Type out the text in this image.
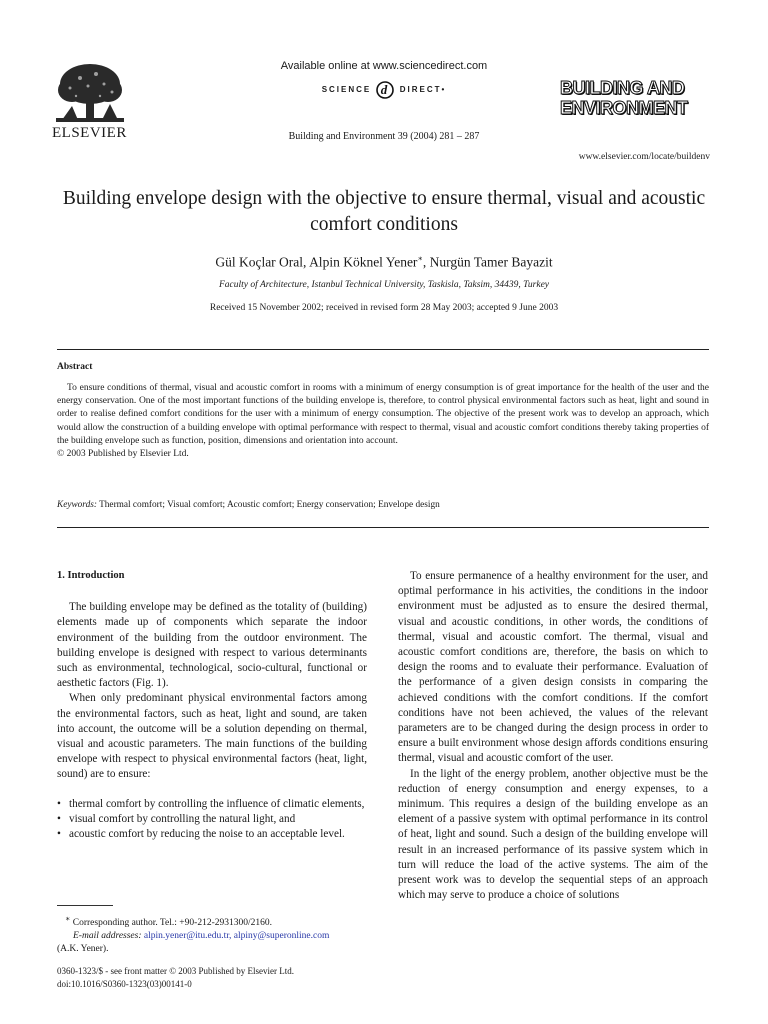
ELSEVIER
Available online at www.sciencedirect.com
SCIENCE d DIRECT•
Building and Environment 39 (2004) 281 – 287
BUILDING AND
ENVIRONMENT
www.elsevier.com/locate/buildenv
Building envelope design with the objective to ensure thermal, visual and acoustic comfort conditions
Gül Koçlar Oral, Alpin Köknel Yener∗, Nurgün Tamer Bayazit
Faculty of Architecture, Istanbul Technical University, Taskisla, Taksim, 34439, Turkey
Received 15 November 2002; received in revised form 28 May 2003; accepted 9 June 2003
Abstract

To ensure conditions of thermal, visual and acoustic comfort in rooms with a minimum of energy consumption is of great importance for the health of the user and the energy conservation. One of the most important functions of the building envelope is, therefore, to control physical environmental factors such as heat, light and sound in order to realise defined comfort conditions for the user with a minimum of energy consumption. The objective of the present work was to develop an approach, which would allow the construction of a building envelope with optimal performance with respect to thermal, visual and acoustic comfort conditions thereby taking properties of the building envelope such as function, position, dimensions and orientation into account.

© 2003 Published by Elsevier Ltd.

Keywords: Thermal comfort; Visual comfort; Acoustic comfort; Energy conservation; Envelope design
1. Introduction

The building envelope may be defined as the totality of (building) elements made up of components which separate the indoor environment of the building from the outdoor environment. The building envelope is designed with respect to various determinants such as environmental, technological, socio-cultural, functional or aesthetic factors (Fig. 1).

When only predominant physical environmental factors among the environmental factors, such as heat, light and sound, are taken into account, the outcome will be a solution depending on thermal, visual and acoustic parameters. The main functions of the building envelope with respect to physical environmental factors (heat, light, sound) are to ensure:

• thermal comfort by controlling the influence of climatic elements,
• visual comfort by controlling the natural light, and
• acoustic comfort by reducing the noise to an acceptable level.

To ensure permanence of a healthy environment for the user, and optimal performance in his activities, the conditions in the indoor environment must be adjusted as to ensure the desired thermal, visual and acoustic conditions, in other words, the conditions of thermal, visual and acoustic comfort. The thermal, visual and acoustic comfort conditions are, therefore, the basis on which to design the rooms and to evaluate their performance. Evaluation of the performance of a given design consists in comparing the achieved conditions with the comfort conditions. If the comfort conditions have not been achieved, the values of the relevant parameters are to be changed during the design process in order to ensure a built environment whose design affords conditions ensuring thermal, visual and acoustic comfort of the user.

In the light of the energy problem, another objective must be the reduction of energy consumption and energy expenses, to a minimum. This requires a design of the building envelope as an element of a passive system with optimal performance in its control of heat, light and sound. Such a design of the building envelope will result in an increased performance of its passive system which in turn will reduce the load of the active systems. The aim of the present work was to develop the sequential steps of an approach which may serve to produce a choice of solutions

∗ Corresponding author. Tel.: +90-212-2931300/2160.
E-mail addresses: alpin.yener@itu.edu.tr, alpiny@superonline.com
(A.K. Yener).
0360-1323/$ - see front matter © 2003 Published by Elsevier Ltd.
doi:10.1016/S0360-1323(03)00141-0
